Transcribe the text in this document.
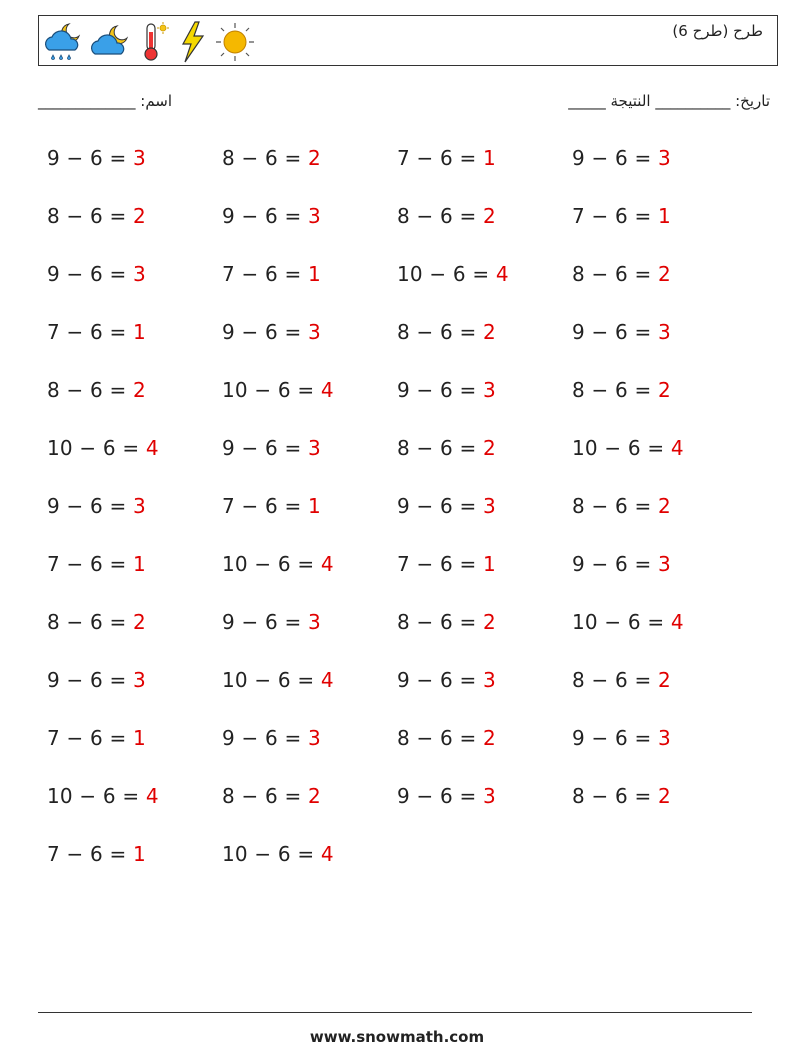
طرح (طرح 6)
اسم: _____________	تاريخ: __________ النتيجة _____
9 − 6 = 3	8 − 6 = 2	7 − 6 = 1	9 − 6 = 3
8 − 6 = 2	9 − 6 = 3	8 − 6 = 2	7 − 6 = 1
9 − 6 = 3	7 − 6 = 1	10 − 6 = 4	8 − 6 = 2
7 − 6 = 1	9 − 6 = 3	8 − 6 = 2	9 − 6 = 3
8 − 6 = 2	10 − 6 = 4	9 − 6 = 3	8 − 6 = 2
10 − 6 = 4	9 − 6 = 3	8 − 6 = 2	10 − 6 = 4
9 − 6 = 3	7 − 6 = 1	9 − 6 = 3	8 − 6 = 2
7 − 6 = 1	10 − 6 = 4	7 − 6 = 1	9 − 6 = 3
8 − 6 = 2	9 − 6 = 3	8 − 6 = 2	10 − 6 = 4
9 − 6 = 3	10 − 6 = 4	9 − 6 = 3	8 − 6 = 2
7 − 6 = 1	9 − 6 = 3	8 − 6 = 2	9 − 6 = 3
10 − 6 = 4	8 − 6 = 2	9 − 6 = 3	8 − 6 = 2
7 − 6 = 1	10 − 6 = 4
www.snowmath.com
